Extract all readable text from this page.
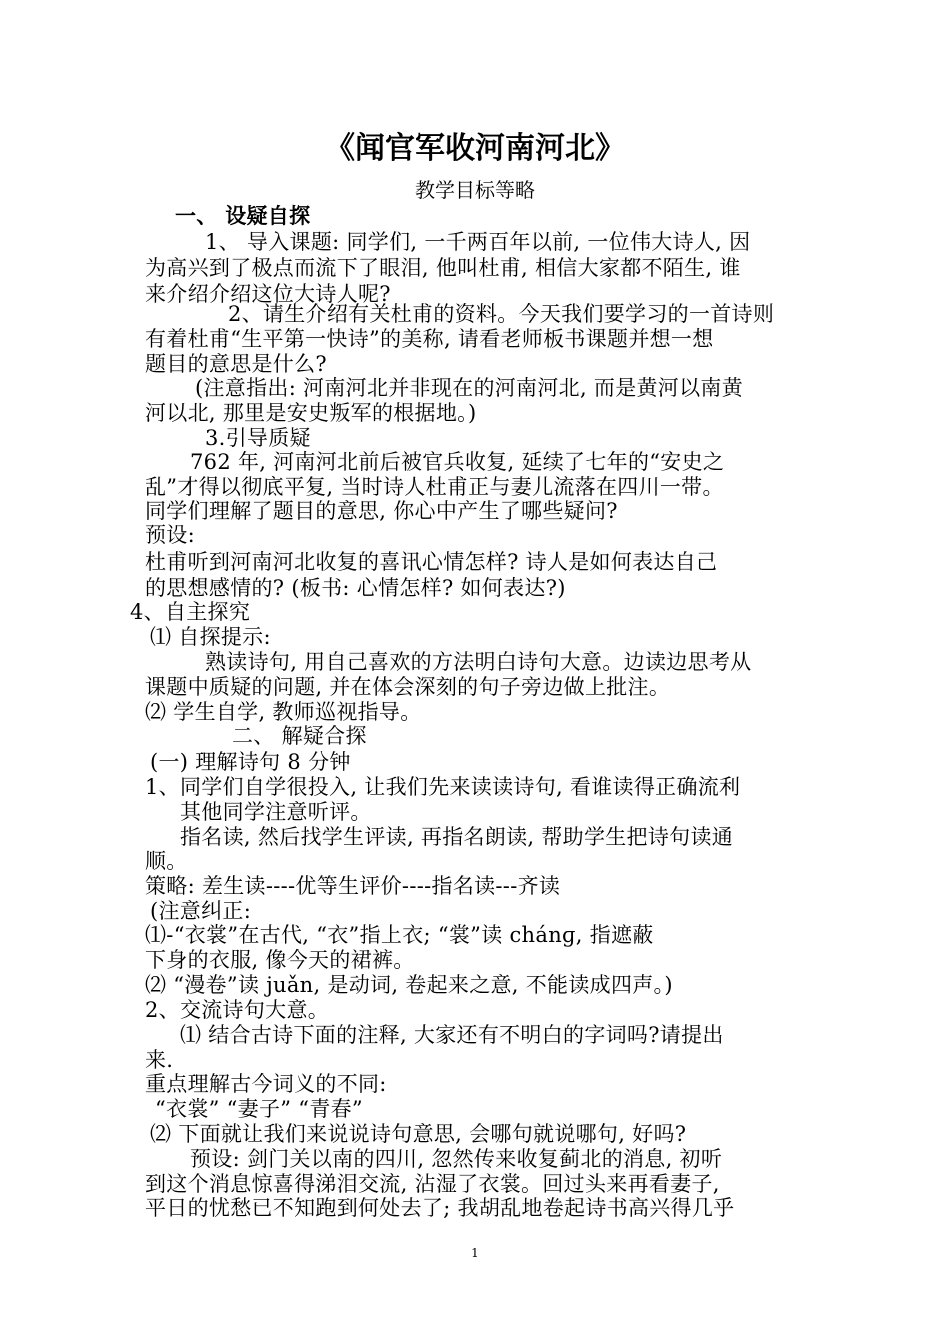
《闻官军收河南河北》
教学目标等略
一、 设疑自探
1、 导入课题: 同学们, 一千两百年以前, 一位伟大诗人, 因
为高兴到了极点而流下了眼泪, 他叫杜甫, 相信大家都不陌生, 谁
来介绍介绍这位大诗人呢?
2、请生介绍有关杜甫的资料。今天我们要学习的一首诗则
有着杜甫“生平第一快诗”的美称, 请看老师板书课题并想一想
题目的意思是什么?
(注意指出: 河南河北并非现在的河南河北, 而是黄河以南黄
河以北, 那里是安史叛军的根据地。)
3.引导质疑
762 年, 河南河北前后被官兵收复, 延续了七年的“安史之
乱”才得以彻底平复, 当时诗人杜甫正与妻儿流落在四川一带。
同学们理解了题目的意思, 你心中产生了哪些疑问?
预设:
杜甫听到河南河北收复的喜讯心情怎样? 诗人是如何表达自己
的思想感情的? (板书: 心情怎样? 如何表达?)
4、自主探究
⑴ 自探提示:
熟读诗句, 用自己喜欢的方法明白诗句大意。边读边思考从
课题中质疑的问题, 并在体会深刻的句子旁边做上批注。
⑵ 学生自学, 教师巡视指导。
二、 解疑合探
(一) 理解诗句 8 分钟
1、同学们自学很投入, 让我们先来读读诗句, 看谁读得正确流利
其他同学注意听评。
指名读, 然后找学生评读, 再指名朗读, 帮助学生把诗句读通
顺。
策略: 差生读----优等生评价----指名读---齐读
(注意纠正:
⑴-“衣裳”在古代, “衣”指上衣; “裳”读 chánɡ, 指遮蔽
下身的衣服, 像今天的裙裤。
⑵ “漫卷”读 juǎn, 是动词, 卷起来之意, 不能读成四声。)
2、交流诗句大意。
⑴ 结合古诗下面的注释, 大家还有不明白的字词吗?请提出
来.
重点理解古今词义的不同:
“衣裳” “妻子” “青春”
⑵ 下面就让我们来说说诗句意思, 会哪句就说哪句, 好吗?
预设: 剑门关以南的四川, 忽然传来收复蓟北的消息, 初听
到这个消息惊喜得涕泪交流, 沾湿了衣裳。回过头来再看妻子,
平日的忧愁已不知跑到何处去了; 我胡乱地卷起诗书高兴得几乎
1
